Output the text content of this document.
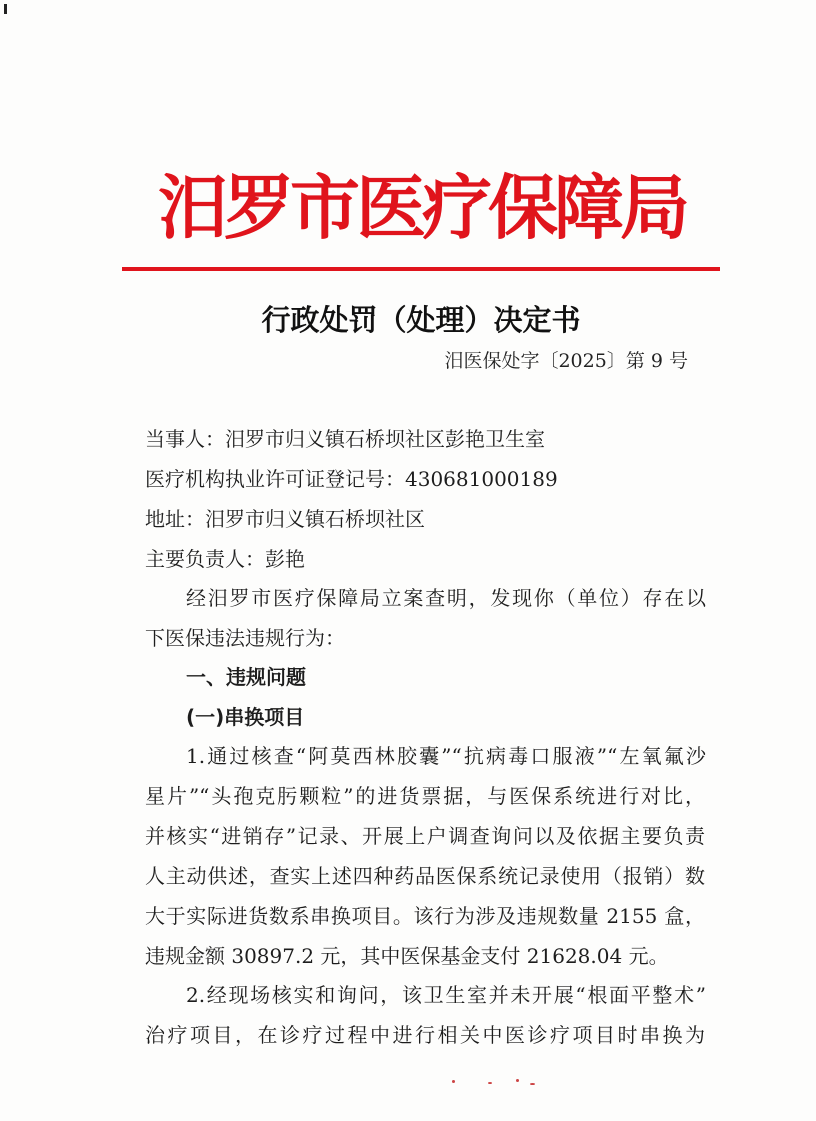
汨罗市医疗保障局
行政处罚（处理）决定书
汨医保处字〔2025〕第 9 号
当事人：汨罗市归义镇石桥坝社区彭艳卫生室
医疗机构执业许可证登记号：430681000189
地址：汨罗市归义镇石桥坝社区
主要负责人：彭艳
经汨罗市医疗保障局立案查明，发现你（单位）存在以
下医保违法违规行为：
一、违规问题
(一)串换项目
1.通过核查“阿莫西林胶囊”“抗病毒口服液”“左氧氟沙
星片”“头孢克肟颗粒”的进货票据，与医保系统进行对比，
并核实“进销存”记录、开展上户调查询问以及依据主要负责
人主动供述，查实上述四种药品医保系统记录使用（报销）数
大于实际进货数系串换项目。该行为涉及违规数量 2155 盒，
违规金额 30897.2 元，其中医保基金支付 21628.04 元。
2.经现场核实和询问，该卫生室并未开展“根面平整术”
治疗项目，在诊疗过程中进行相关中医诊疗项目时串换为
